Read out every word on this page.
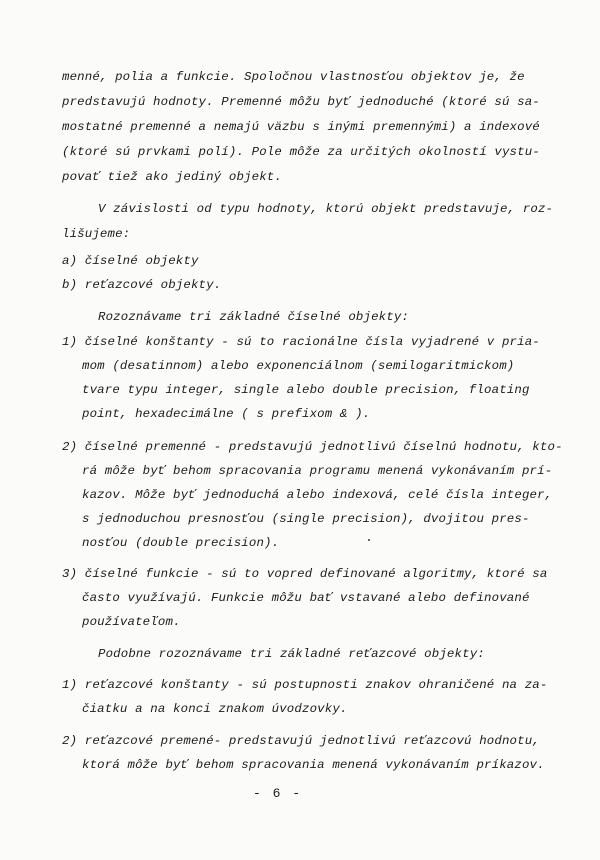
menné, polia a funkcie. Spoločnou vlastnosťou objektov je, že
predstavujú hodnoty. Premenné môžu byť jednoduché (ktoré sú sa-
mostatné premenné a nemajú väzbu s inými premennými) a indexové
(ktoré sú prvkami polí). Pole môže za určitých okolností vystu-
povať tiež ako jediný objekt.
V závislosti od typu hodnoty, ktorú objekt predstavuje, roz-
lišujeme:
a) číselné objekty
b) reťazcové objekty.
Rozoznávame tri základné číselné objekty:
1) číselné konštanty - sú to racionálne čísla vyjadrené v pria-
mom (desatinnom) alebo exponenciálnom (semilogaritmickom)
tvare typu integer, single alebo double precision, floating
point, hexadecimálne ( s prefixom & ).
2) číselné premenné - predstavujú jednotlivú číselnú hodnotu, kto-
rá môže byť behom spracovania programu menená vykonávaním prí-
kazov. Môže byť jednoduchá alebo indexová, celé čísla integer,
s jednoduchou presnosťou (single precision), dvojitou pres-
nosťou (double precision).
3) číselné funkcie - sú to vopred definované algoritmy, ktoré sa
často využívajú. Funkcie môžu bať vstavané alebo definované
používateľom.
Podobne rozoznávame tri základné reťazcové objekty:
1) reťazcové konštanty - sú postupnosti znakov ohraničené na za-
čiatku a na konci znakom úvodzovky.
2) reťazcové premené- predstavujú jednotlivú reťazcovú hodnotu,
ktorá môže byť behom spracovania menená vykonávaním príkazov.
- 6 -
